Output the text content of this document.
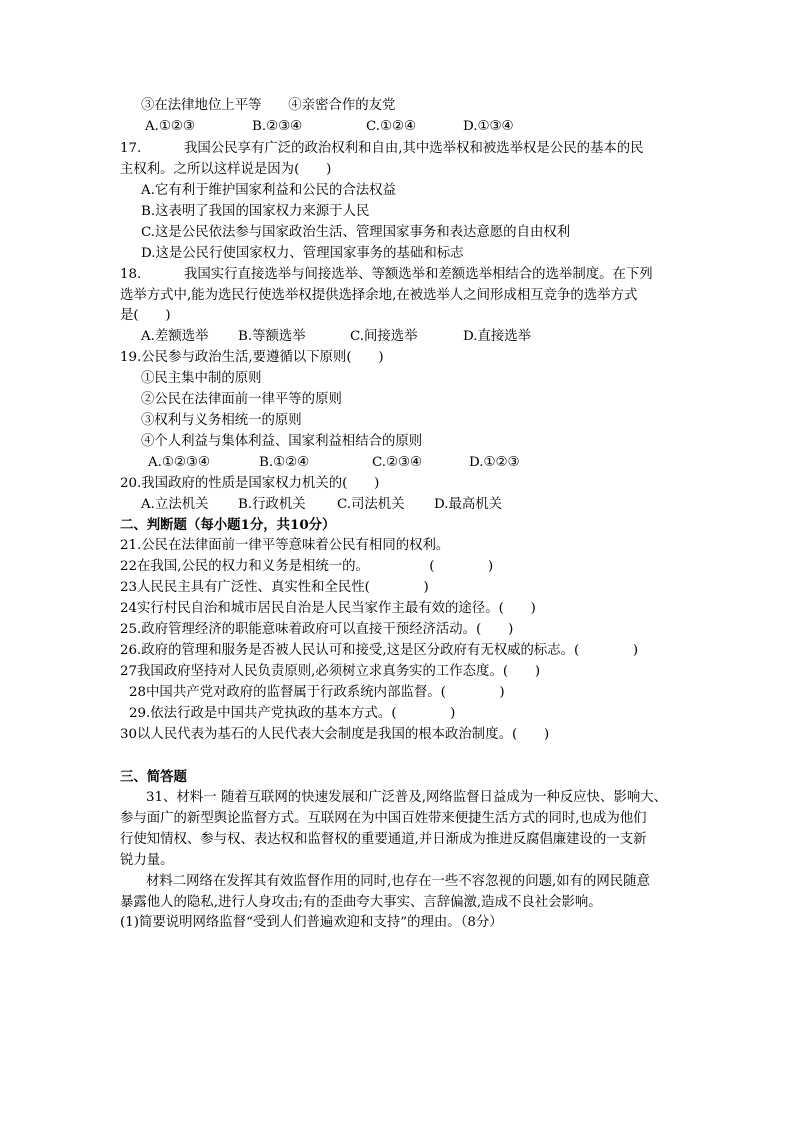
③在法律地位上平等　　④亲密合作的友党
A.①②③	B.②③④	C.①②④	D.①③④
17.	我国公民享有广泛的政治权利和自由,其中选举权和被选举权是公民的基本的民
主权利。之所以这样说是因为(　　)
A.它有利于维护国家利益和公民的合法权益
B.这表明了我国的国家权力来源于人民
C.这是公民依法参与国家政治生活、管理国家事务和表达意愿的自由权利
D.这是公民行使国家权力、管理国家事务的基础和标志
18.	我国实行直接选举与间接选举、等额选举和差额选举相结合的选举制度。在下列
选举方式中,能为选民行使选举权提供选择余地,在被选举人之间形成相互竞争的选举方式
是(　　)
A.差额选举 B.等额选举	C.间接选举	D.直接选举
19.公民参与政治生活,要遵循以下原则(　　)
①民主集中制的原则
②公民在法律面前一律平等的原则
③权利与义务相统一的原则
④个人利益与集体利益、国家利益相结合的原则
A.①②③④	B.①②④	C.②③④	D.①②③
20.我国政府的性质是国家权力机关的(　　)
A.立法机关 B.行政机关 C.司法机关 D.最高机关
二、判断题（每小题1分，共10分）
21.公民在法律面前一律平等意味着公民有相同的权利。
22在我国,公民的权力和义务是相统一的。　　　　　(　　　　)
23人民民主具有广泛性、真实性和全民性(　　　　)
24实行村民自治和城市居民自治是人民当家作主最有效的途径。(　　)
25.政府管理经济的职能意味着政府可以直接干预经济活动。(　　)
26.政府的管理和服务是否被人民认可和接受,这是区分政府有无权威的标志。(　　　　)
27我国政府坚持对人民负责原则,必须树立求真务实的工作态度。(　　)
28中国共产党对政府的监督属于行政系统内部监督。(　　　　)
29.依法行政是中国共产党执政的基本方式。(　　　　)
30以人民代表为基石的人民代表大会制度是我国的根本政治制度。(　　)
三、简答题
31、材料一 随着互联网的快速发展和广泛普及,网络监督日益成为一种反应快、影响大、
参与面广的新型舆论监督方式。互联网在为中国百姓带来便捷生活方式的同时,也成为他们
行使知情权、参与权、表达权和监督权的重要通道,并日渐成为推进反腐倡廉建设的一支新
锐力量。
材料二网络在发挥其有效监督作用的同时,也存在一些不容忽视的问题,如有的网民随意
暴露他人的隐私,进行人身攻击;有的歪曲夸大事实、言辞偏激,造成不良社会影响。
(1)简要说明网络监督“受到人们普遍欢迎和支持”的理由。（8分）
